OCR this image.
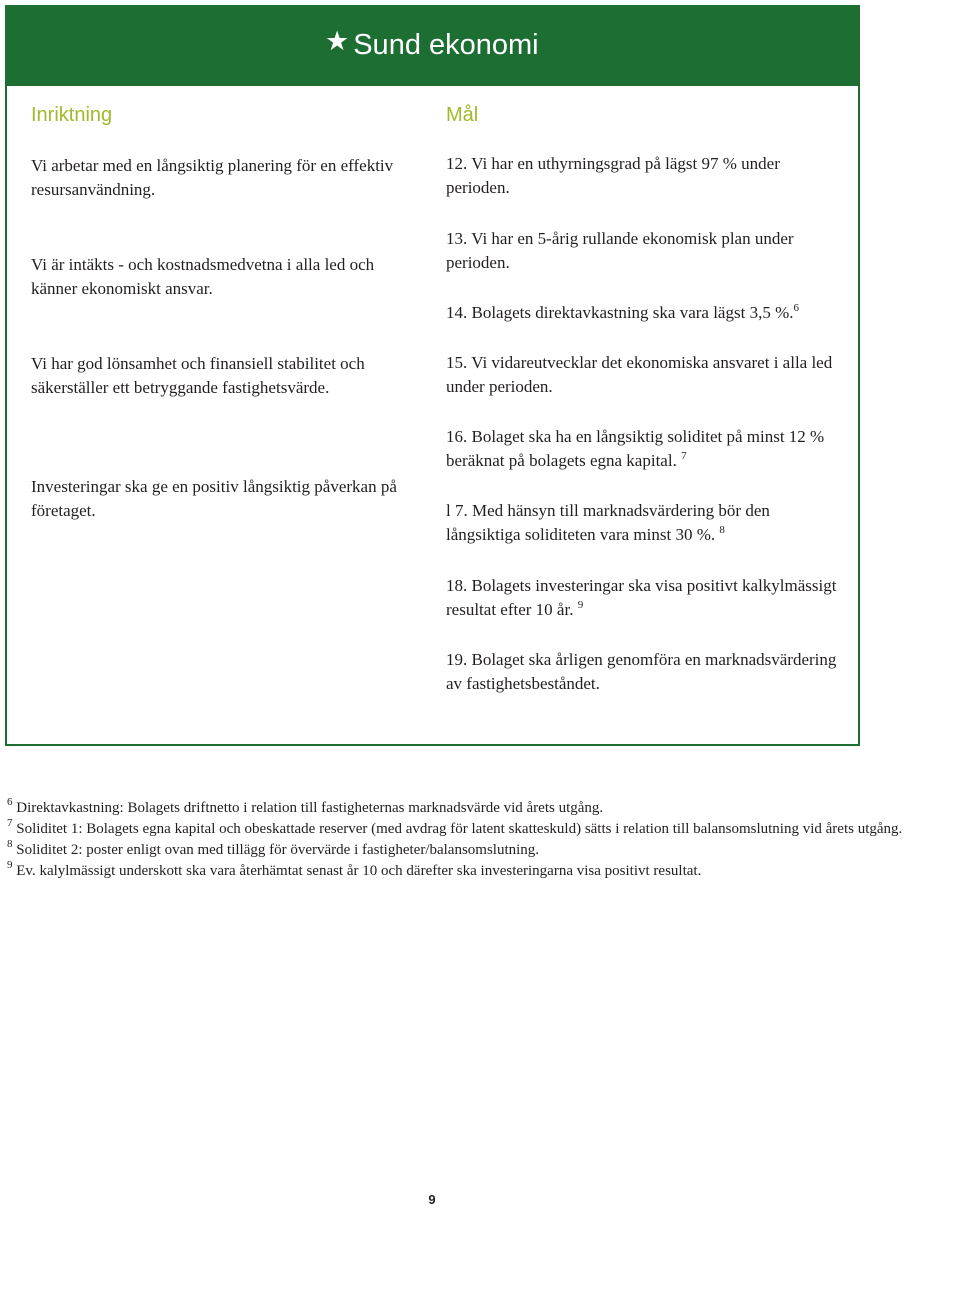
★ Sund ekonomi
Inriktning

Vi arbetar med en långsiktig planering för en effektiv resursanvändning.

Vi är intäkts - och kostnadsmedvetna i alla led och känner ekonomiskt ansvar.

Vi har god lönsamhet och finansiell stabilitet och säkerställer ett betryggande fastighetsvärde.

Investeringar ska ge en positiv långsiktig påverkan på företaget.

Mål

12. Vi har en uthyrningsgrad på lägst 97 % under perioden.

13. Vi har en 5-årig rullande ekonomisk plan under perioden.

14. Bolagets direktavkastning ska vara lägst 3,5 %.$^6$

15. Vi vidareutvecklar det ekonomiska ansvaret i alla led under perioden.

16. Bolaget ska ha en långsiktig soliditet på minst 12 % beräknat på bolagets egna kapital. $^7$

l 7. Med hänsyn till marknadsvärdering bör den långsiktiga soliditeten vara minst 30 %. $^8$

18. Bolagets investeringar ska visa positivt kalkylmässigt resultat efter 10 år. $^9$

19. Bolaget ska årligen genomföra en marknadsvärdering av fastighetsbeståndet.

$^6$ Direktavkastning: Bolagets driftnetto i relation till fastigheternas marknadsvärde vid årets utgång.

$^7$ Soliditet 1: Bolagets egna kapital och obeskattade reserver (med avdrag för latent skatteskuld) sätts i relation till balansomslutning vid årets utgång.

$^8$ Soliditet 2: poster enligt ovan med tillägg för övervärde i fastigheter/balansomslutning.

$^9$ Ev. kalylmässigt underskott ska vara återhämtat senast år 10 och därefter ska investeringarna visa positivt resultat.

9
